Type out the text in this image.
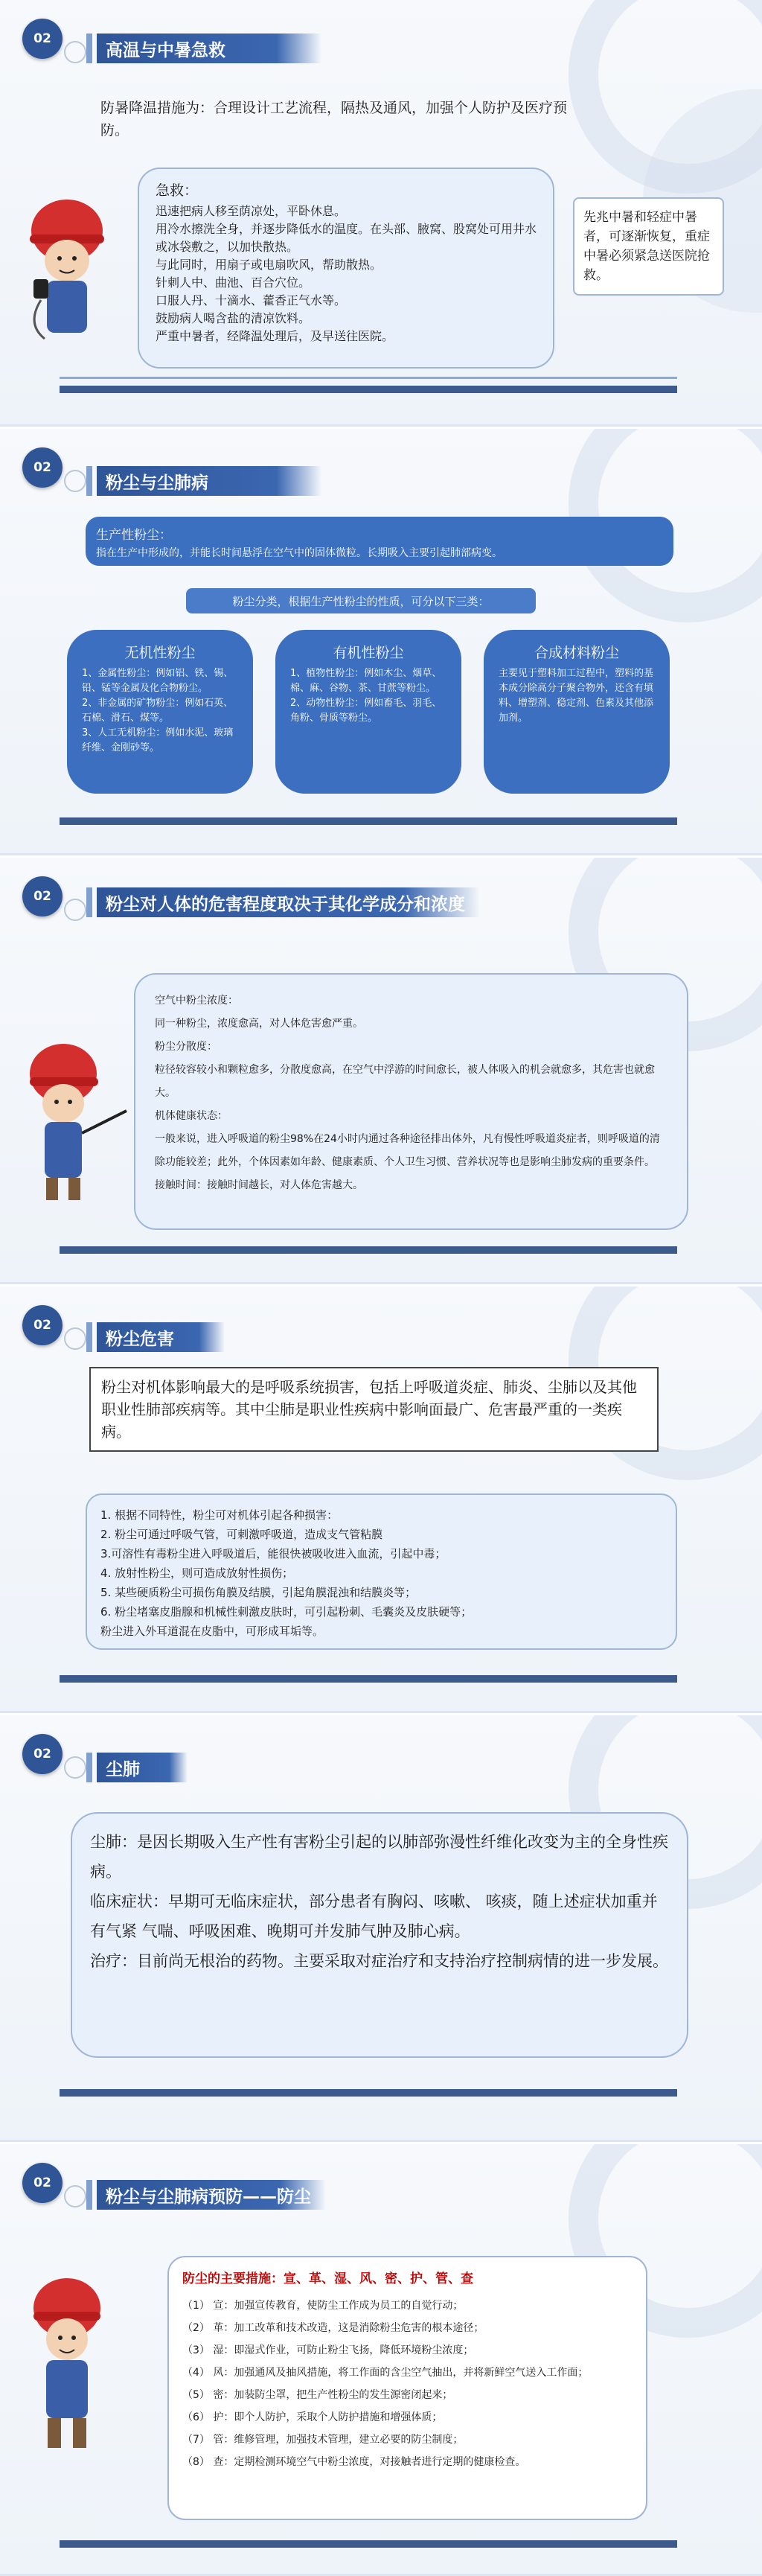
02
高温与中暑急救
防暑降温措施为：合理设计工艺流程，隔热及通风，加强个人防护及医疗预防。
急救：
迅速把病人移至荫凉处，平卧休息。
用冷水擦洗全身，并逐步降低水的温度。在头部、腋窝、股窝处可用井水或冰袋敷之，以加快散热。
与此同时，用扇子或电扇吹风，帮助散热。
针刺人中、曲池、百合穴位。
口服人丹、十滴水、藿香正气水等。
鼓励病人喝含盐的清凉饮料。
严重中暑者，经降温处理后，及早送往医院。
先兆中暑和轻症中暑者，可逐渐恢复，重症中暑必须紧急送医院抢救。
02
粉尘与尘肺病
生产性粉尘：
指在生产中形成的，并能长时间悬浮在空气中的固体微粒。长期吸入主要引起肺部病变。
粉尘分类，根据生产性粉尘的性质，可分以下三类：
无机性粉尘
1、金属性粉尘：例如铝、铁、锡、铅、锰等金属及化合物粉尘。
2、非金属的矿物粉尘：例如石英、石棉、滑石、煤等。
3、人工无机粉尘：例如水泥、玻璃纤维、金刚砂等。
有机性粉尘
1、植物性粉尘：例如木尘、烟草、棉、麻、谷物、茶、甘蔗等粉尘。
2、动物性粉尘：例如畜毛、羽毛、角粉、骨质等粉尘。
合成材料粉尘
主要见于塑料加工过程中，塑料的基本成分除高分子聚合物外，还含有填料、增塑剂、稳定剂、色素及其他添加剂。
02	粉尘对人体的危害程度取决于其化学成分和浓度
空气中粉尘浓度：
同一种粉尘，浓度愈高，对人体危害愈严重。
粉尘分散度：
粒径较容较小和颗粒愈多，分散度愈高，在空气中浮游的时间愈长，被人体吸入的机会就愈多，其危害也就愈大。
机体健康状态：
一般来说，进入呼吸道的粉尘98%在24小时内通过各种途径排出体外，凡有慢性呼吸道炎症者，则呼吸道的清除功能较差；此外，个体因素如年龄、健康素质、个人卫生习惯、营养状况等也是影响尘肺发病的重要条件。
接触时间：接触时间越长，对人体危害越大。
02
粉尘危害
粉尘对机体影响最大的是呼吸系统损害，包括上呼吸道炎症、肺炎、尘肺以及其他职业性肺部疾病等。其中尘肺是职业性疾病中影响面最广、危害最严重的一类疾病。
1. 根据不同特性，粉尘可对机体引起各种损害：
2. 粉尘可通过呼吸气管，可刺激呼吸道，造成支气管粘膜
3.可溶性有毒粉尘进入呼吸道后，能很快被吸收进入血流，引起中毒；
4. 放射性粉尘，则可造成放射性损伤；
5. 某些硬质粉尘可损伤角膜及结膜，引起角膜混浊和结膜炎等；
6. 粉尘堵塞皮脂腺和机械性刺激皮肤时，可引起粉刺、毛囊炎及皮肤硬等；
粉尘进入外耳道混在皮脂中，可形成耳垢等。
02
尘肺
尘肺：是因长期吸入生产性有害粉尘引起的以肺部弥漫性纤维化改变为主的全身性疾病。
临床症状：早期可无临床症状，部分患者有胸闷、咳嗽、 咳痰，随上述症状加重并有气紧 气喘、呼吸困难、晚期可并发肺气肿及肺心病。
治疗：目前尚无根治的药物。主要采取对症治疗和支持治疗控制病情的进一步发展。
02
粉尘与尘肺病预防——防尘
防尘的主要措施：宣、革、湿、风、密、护、管、查
（1） 宣：加强宣传教育，使防尘工作成为员工的自觉行动；
（2） 革：加工改革和技术改造，这是消除粉尘危害的根本途径；
（3） 湿：即湿式作业，可防止粉尘飞扬，降低环境粉尘浓度；
（4） 风：加强通风及抽风措施，将工作面的含尘空气抽出，并将新鲜空气送入工作面；
（5） 密：加装防尘罩，把生产性粉尘的发生源密闭起来；
（6） 护：即个人防护，采取个人防护措施和增强体质；
（7） 管：维修管理，加强技术管理，建立必要的防尘制度；
（8） 查：定期检测环境空气中粉尘浓度，对接触者进行定期的健康检查。
